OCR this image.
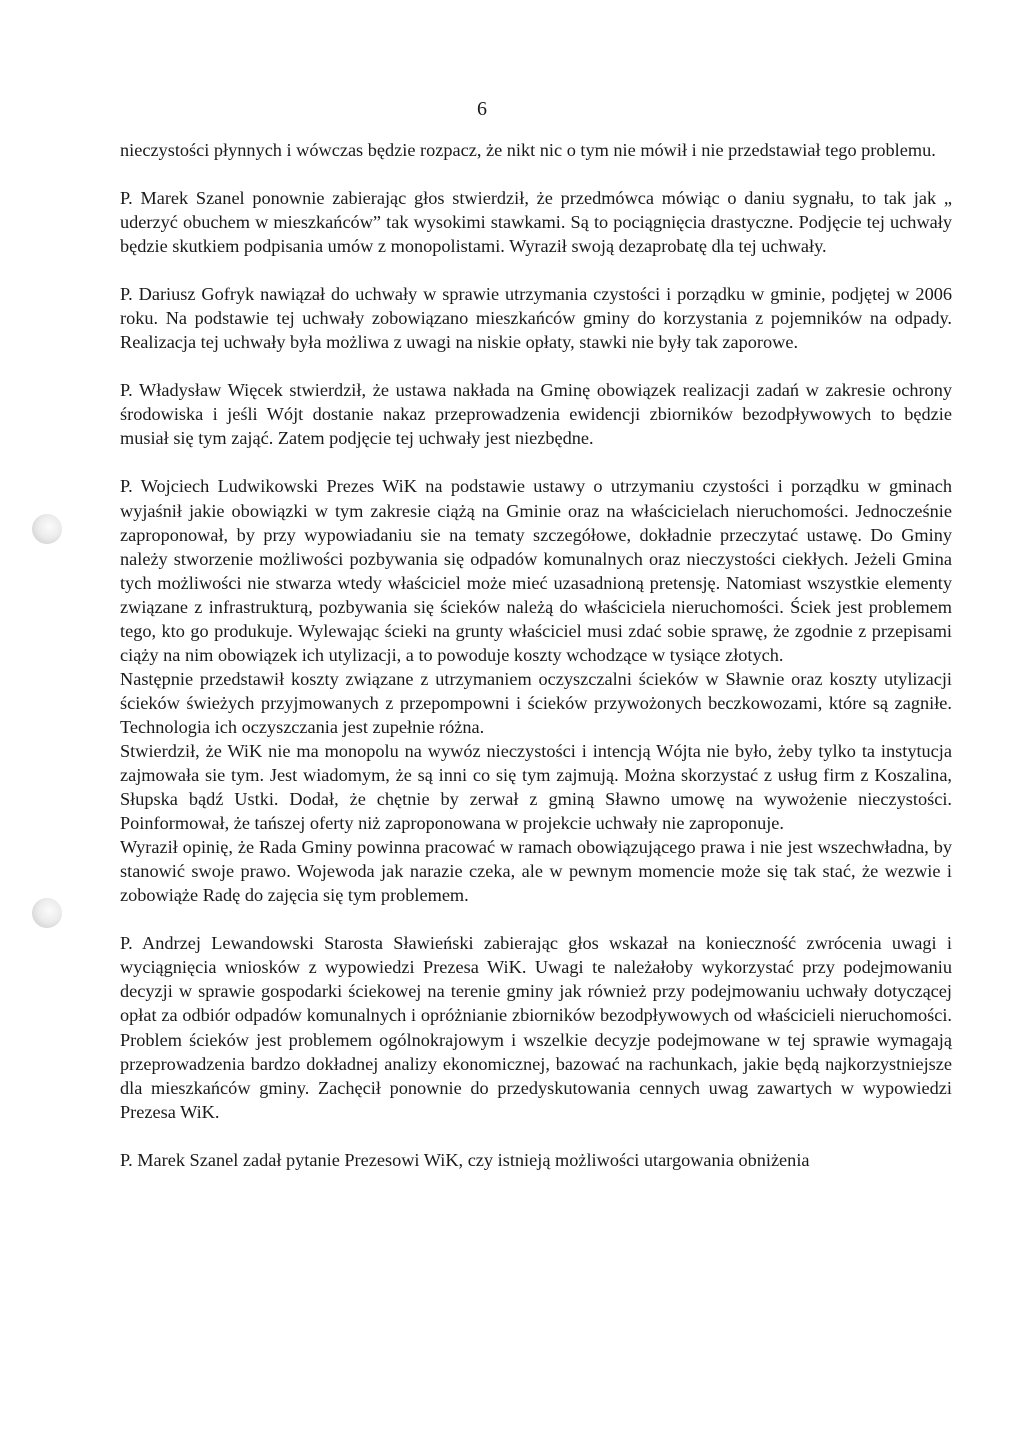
6

nieczystości płynnych i wówczas będzie rozpacz, że nikt nic o tym nie mówił i nie przedstawiał tego problemu.

P. Marek Szanel ponownie zabierając głos stwierdził, że przedmówca mówiąc o daniu sygnału, to tak jak „ uderzyć obuchem w mieszkańców” tak wysokimi stawkami. Są to pociągnięcia drastyczne. Podjęcie tej uchwały będzie skutkiem podpisania umów z monopolistami. Wyraził swoją dezaprobatę dla tej uchwały.

P. Dariusz Gofryk nawiązał do uchwały w sprawie utrzymania czystości i porządku w gminie, podjętej w 2006 roku. Na podstawie tej uchwały zobowiązano mieszkańców gminy do korzystania z pojemników na odpady. Realizacja tej uchwały była możliwa z uwagi na niskie opłaty, stawki nie były tak zaporowe.

P. Władysław Więcek stwierdził, że ustawa nakłada na Gminę obowiązek realizacji zadań w zakresie ochrony środowiska i jeśli Wójt dostanie nakaz przeprowadzenia ewidencji zbiorników bezodpływowych to będzie musiał się tym zająć. Zatem podjęcie tej uchwały jest niezbędne.

P. Wojciech Ludwikowski Prezes WiK na podstawie ustawy o utrzymaniu czystości i porządku w gminach wyjaśnił jakie obowiązki w tym zakresie ciążą na Gminie oraz na właścicielach nieruchomości. Jednocześnie zaproponował, by przy wypowiadaniu sie na tematy szczegółowe, dokładnie przeczytać ustawę. Do Gminy należy stworzenie możliwości pozbywania się odpadów komunalnych oraz nieczystości ciekłych. Jeżeli Gmina tych możliwości nie stwarza wtedy właściciel może mieć uzasadnioną pretensję. Natomiast wszystkie elementy związane z infrastrukturą, pozbywania się ścieków należą do właściciela nieruchomości. Ściek jest problemem tego, kto go produkuje. Wylewając ścieki na grunty właściciel musi zdać sobie sprawę, że zgodnie z przepisami ciąży na nim obowiązek ich utylizacji, a to powoduje koszty wchodzące w tysiące złotych.

Następnie przedstawił koszty związane z utrzymaniem oczyszczalni ścieków w Sławnie oraz koszty utylizacji ścieków świeżych przyjmowanych z przepompowni i ścieków przywożonych beczkowozami, które są zagniłe. Technologia ich oczyszczania jest zupełnie różna.

Stwierdził, że WiK nie ma monopolu na wywóz nieczystości i intencją Wójta nie było, żeby tylko ta instytucja zajmowała sie tym. Jest wiadomym, że są inni co się tym zajmują. Można skorzystać z usług firm z Koszalina, Słupska bądź Ustki. Dodał, że chętnie by zerwał z gminą Sławno umowę na wywożenie nieczystości. Poinformował, że tańszej oferty niż zaproponowana w projekcie uchwały nie zaproponuje.

Wyraził opinię, że Rada Gminy powinna pracować w ramach obowiązującego prawa i nie jest wszechwładna, by stanowić swoje prawo. Wojewoda jak narazie czeka, ale w pewnym momencie może się tak stać, że wezwie i zobowiąże Radę do zajęcia się tym problemem.

P. Andrzej Lewandowski Starosta Sławieński zabierając głos wskazał na konieczność zwrócenia uwagi i wyciągnięcia wniosków z wypowiedzi Prezesa WiK. Uwagi te należałoby wykorzystać przy podejmowaniu decyzji w sprawie gospodarki ściekowej na terenie gminy jak również przy podejmowaniu uchwały dotyczącej opłat za odbiór odpadów komunalnych i opróżnianie zbiorników bezodpływowych od właścicieli nieruchomości. Problem ścieków jest problemem ogólnokrajowym i wszelkie decyzje podejmowane w tej sprawie wymagają przeprowadzenia bardzo dokładnej analizy ekonomicznej, bazować na rachunkach, jakie będą najkorzystniejsze dla mieszkańców gminy. Zachęcił ponownie do przedyskutowania cennych uwag zawartych w wypowiedzi Prezesa WiK.

P. Marek Szanel zadał pytanie Prezesowi WiK, czy istnieją możliwości utargowania obniżenia
